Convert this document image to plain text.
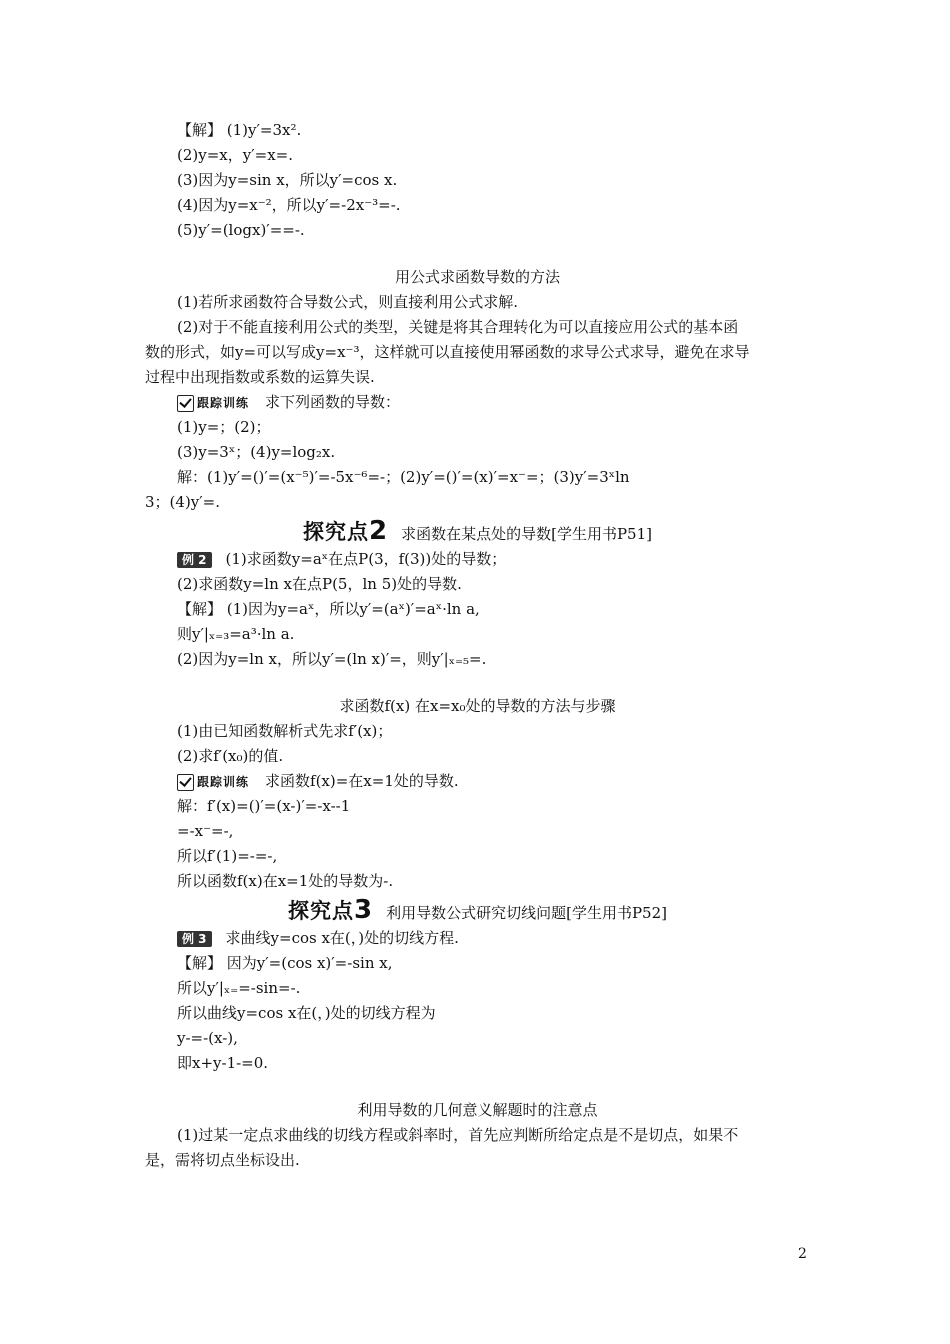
【解】 (1)y′=3x².
(2)y=x，y′=x=.
(3)因为y=sin x，所以y′=cos x.
(4)因为y=x⁻²，所以y′=-2x⁻³=-.
(5)y′=(logx)′==-.
用公式求函数导数的方法
(1)若所求函数符合导数公式，则直接利用公式求解.
(2)对于不能直接利用公式的类型，关键是将其合理转化为可以直接应用公式的基本函
数的形式，如y=可以写成y=x⁻³，这样就可以直接使用幂函数的求导公式求导，避免在求导
过程中出现指数或系数的运算失误.
跟踪训练 求下列函数的导数：
(1)y=；(2)；
(3)y=3ˣ；(4)y=log₂x.
解：(1)y′=()′=(x⁻⁵)′=-5x⁻⁶=-；(2)y′=()′=(x)′=x⁻=；(3)y′=3ˣln
3；(4)y′=.
探究点2 求函数在某点处的导数[学生用书P51]
例 2 (1)求函数y=aˣ在点P(3，f(3))处的导数；
(2)求函数y=ln x在点P(5，ln 5)处的导数.
【解】 (1)因为y=aˣ，所以y′=(aˣ)′=aˣ·ln a,
则y′|ₓ₌₃=a³·ln a.
(2)因为y=ln x，所以y′=(ln x)′=，则y′|ₓ₌₅=.
求函数f(x) 在x=x₀处的导数的方法与步骤
(1)由已知函数解析式先求f′(x)；
(2)求f′(x₀)的值.
跟踪训练 求函数f(x)=在x=1处的导数.
解：f′(x)=()′=(x-)′=-x--1
=-x⁻=-,
所以f′(1)=-=-,
所以函数f(x)在x=1处的导数为-.
探究点3 利用导数公式研究切线问题[学生用书P52]
例 3 求曲线y=cos x在(，)处的切线方程.
【解】 因为y′=(cos x)′=-sin x,
所以y′|ₓ₌=-sin=-.
所以曲线y=cos x在(，)处的切线方程为
y-=-(x-),
即x+y-1-=0.
利用导数的几何意义解题时的注意点
(1)过某一定点求曲线的切线方程或斜率时，首先应判断所给定点是不是切点，如果不
是，需将切点坐标设出.
2
